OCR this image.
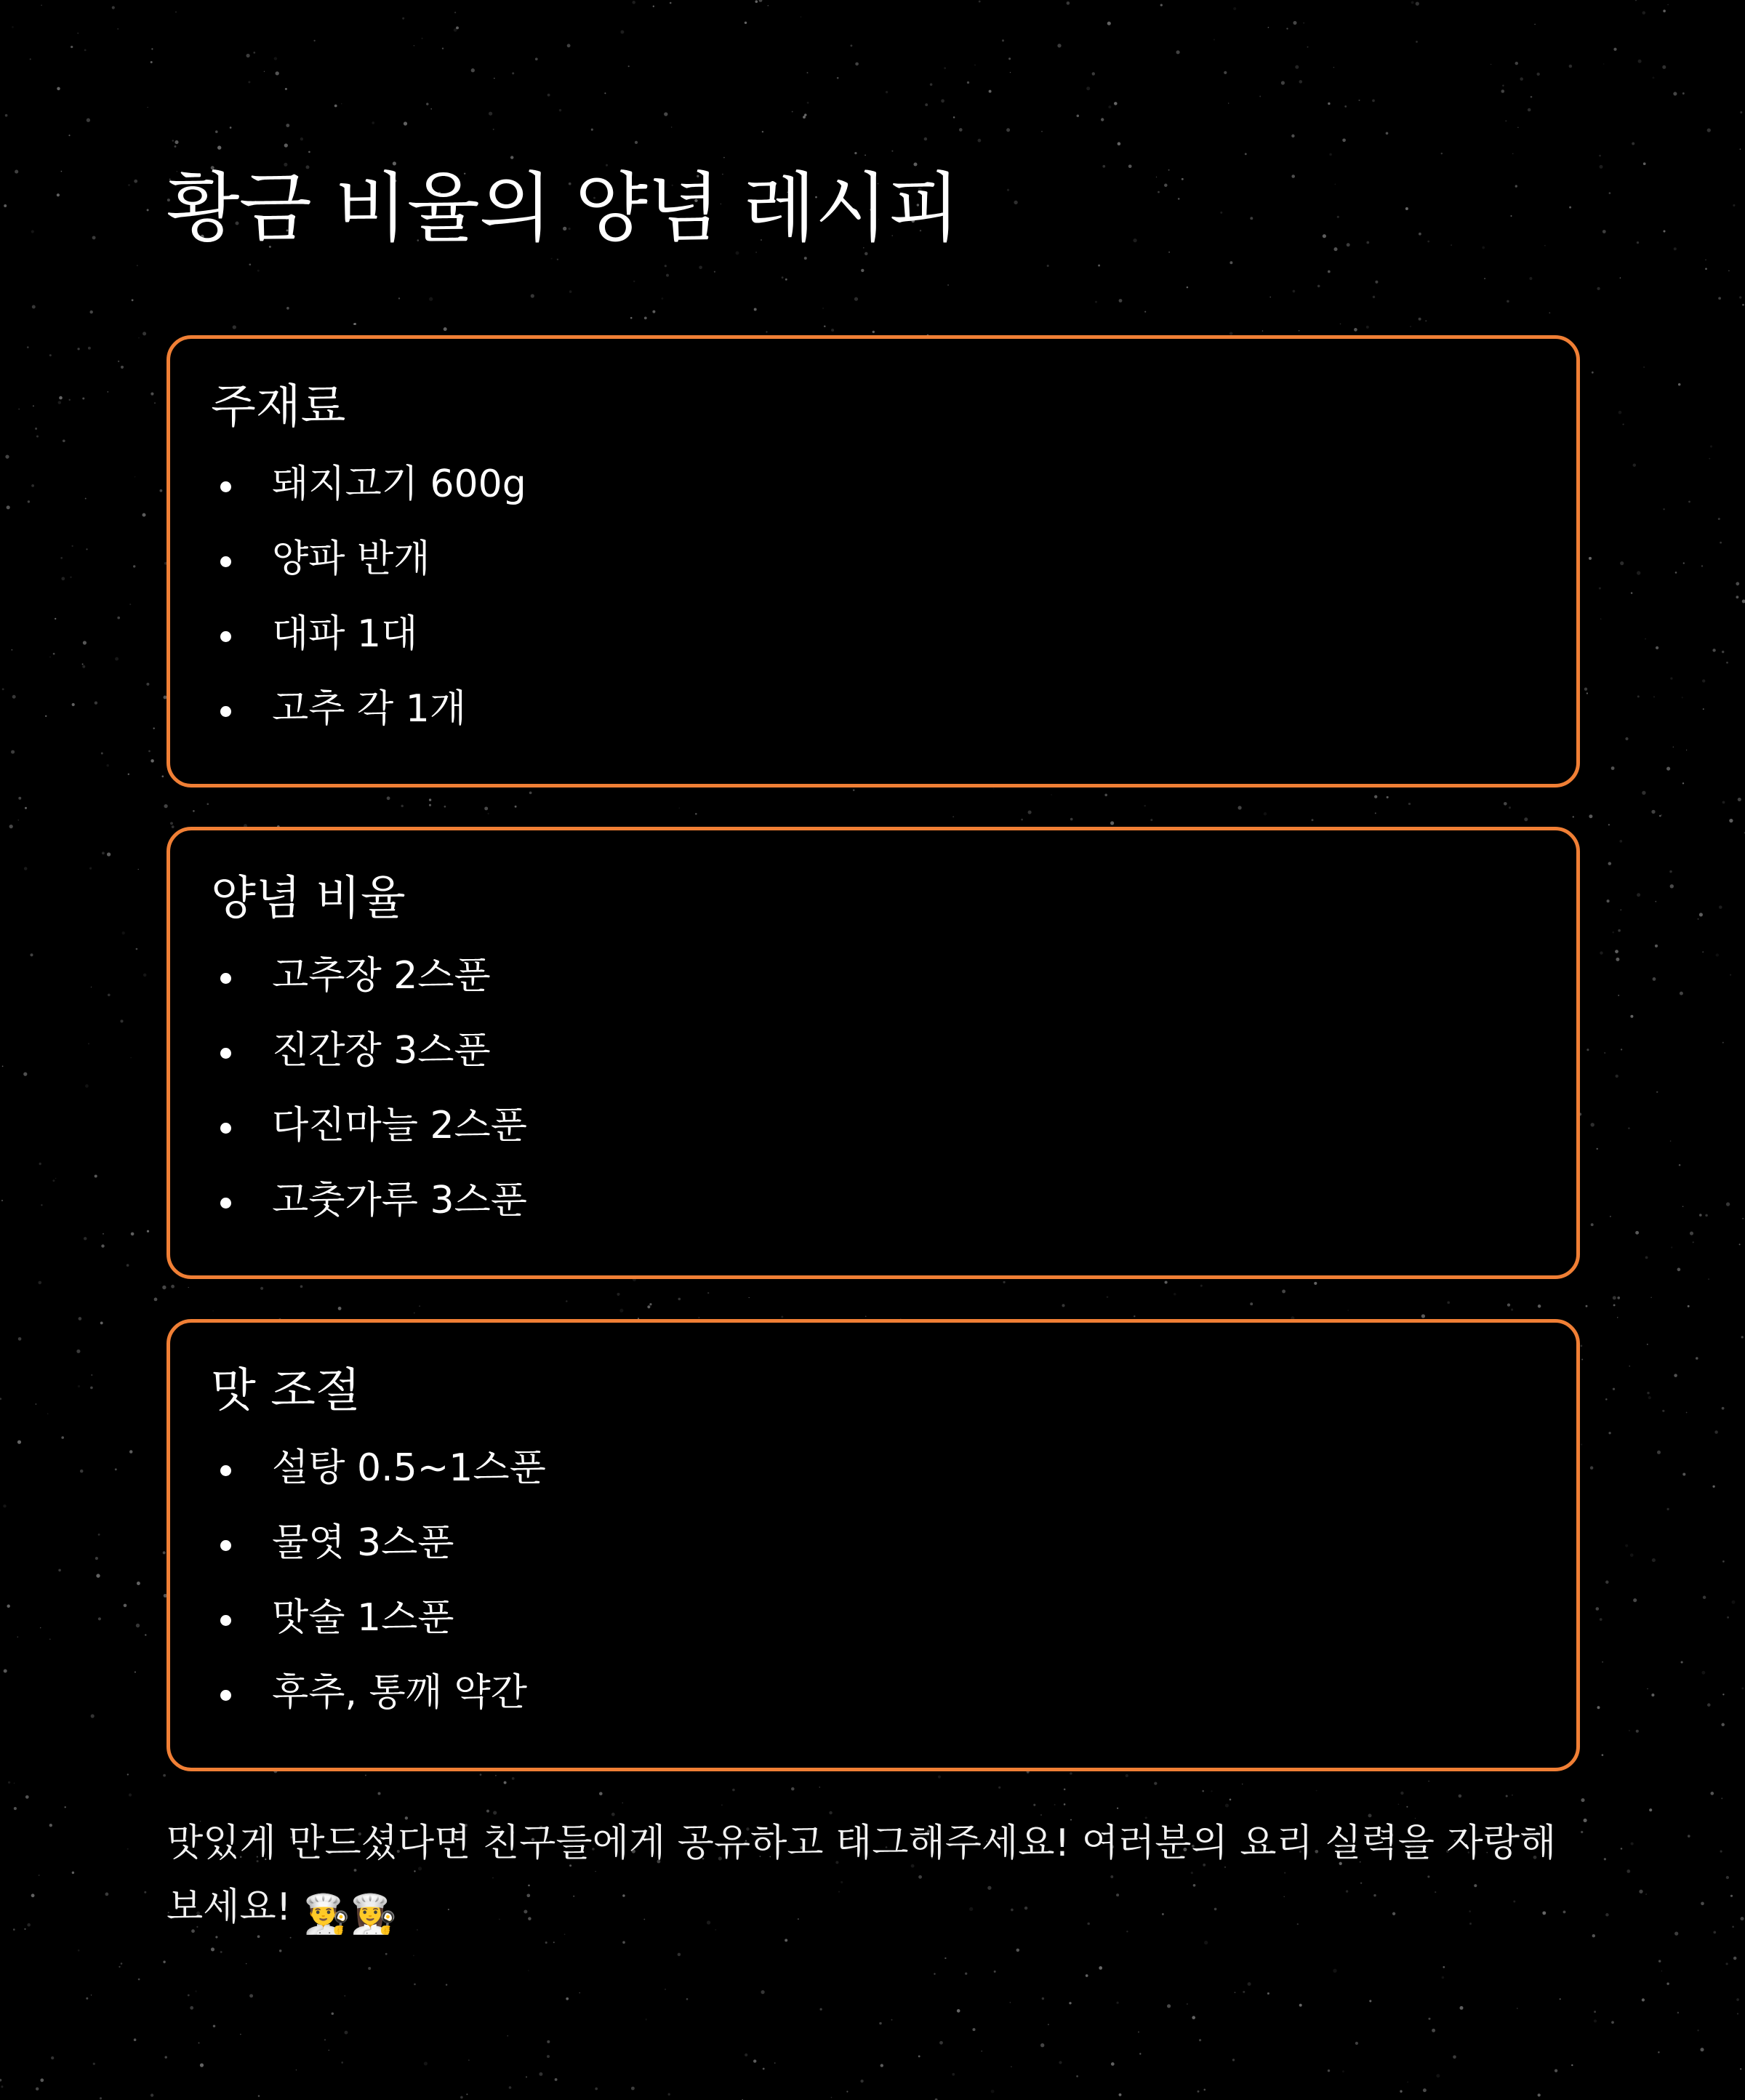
황금 비율의 양념 레시피
주재료
돼지고기 600g
양파 반개
대파 1대
고추 각 1개
양념 비율
고추장 2스푼
진간장 3스푼
다진마늘 2스푼
고춧가루 3스푼
맛 조절
설탕 0.5~1스푼
물엿 3스푼
맛술 1스푼
후추, 통깨 약간

맛있게 만드셨다면 친구들에게 공유하고 태그해주세요! 여러분의 요리 실력을 자랑해보세요! 👨‍🍳👩‍🍳
